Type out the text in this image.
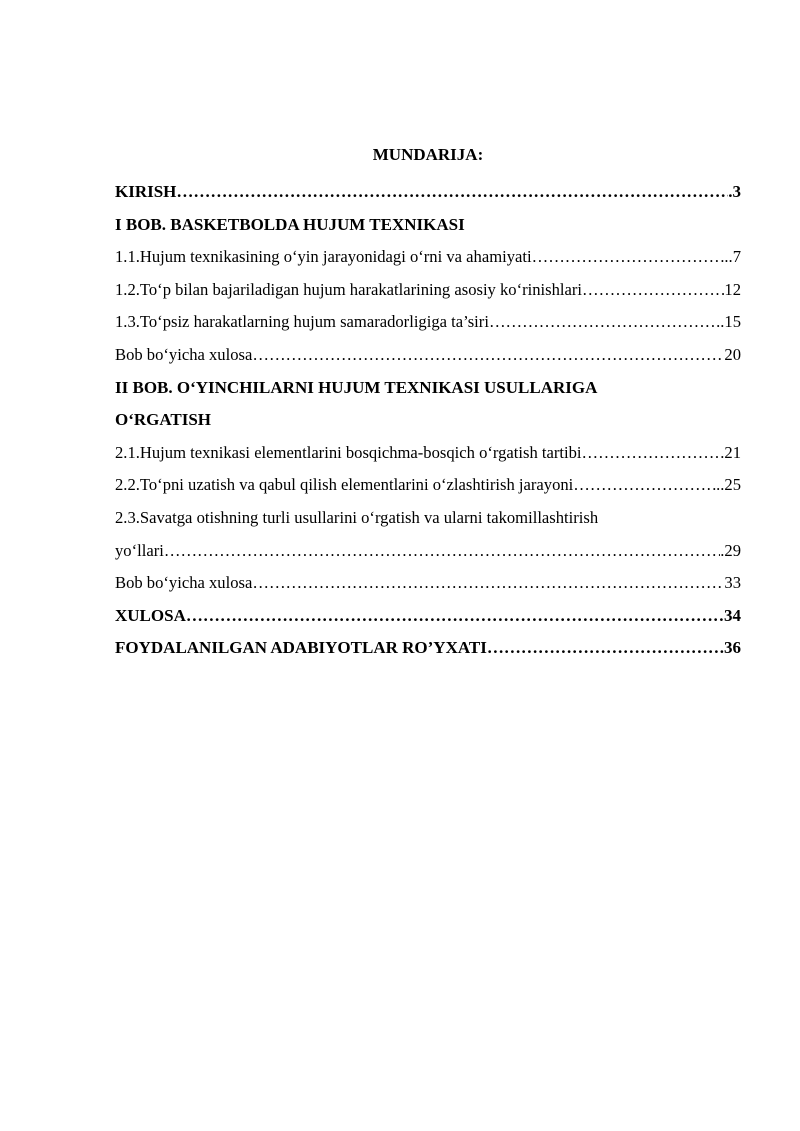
MUNDARIJA:
KIRISH ……………………………………………………………………………………………………………………………………………………………………………………………	.3
I BOB. BASKETBOLDA HUJUM TEXNIKASI
1.1.Hujum texnikasining o‘yin jarayonidagi o‘rni va ahamiyati ……………………………………………………………………………………………………………………………………………………………………………………………	..7
1.2.To‘p bilan bajariladigan hujum harakatlarining asosiy ko‘rinishlari ……………………………………………………………………………………………………………………………………………………………………………………………	12
1.3.To‘psiz harakatlarning hujum samaradorligiga ta’siri ……………………………………………………………………………………………………………………………………………………………………………………………	..15
Bob bo‘yicha xulosa ……………………………………………………………………………………………………………………………………………………………………………………………	20
II BOB. O‘YINCHILARNI HUJUM TEXNIKASI USULLARIGA
O‘RGATISH
2.1.Hujum texnikasi elementlarini bosqichma-bosqich o‘rgatish tartibi ……………………………………………………………………………………………………………………………………………………………………………………………	.21
2.2.To‘pni uzatish va qabul qilish elementlarini o‘zlashtirish jarayoni ……………………………………………………………………………………………………………………………………………………………………………………………	..25
2.3.Savatga otishning turli usullarini o‘rgatish va ularni takomillashtirish
yo‘llari ……………………………………………………………………………………………………………………………………………………………………………………………	.29
Bob bo‘yicha xulosa ……………………………………………………………………………………………………………………………………………………………………………………………	33
XULOSA ……………………………………………………………………………………………………………………………………………………………………………………………	34
FOYDALANILGAN ADABIYOTLAR RO’YXATI ……………………………………………………………………………………………………………………………………………………………………………………………	.36
